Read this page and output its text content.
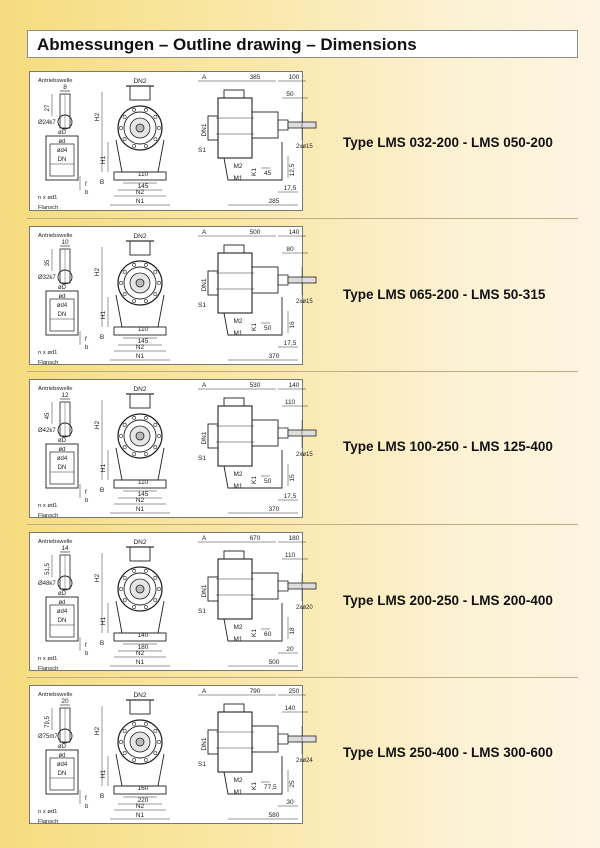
Abmessungen – Outline drawing – Dimensions
Antriebswelle
8
27
Ø24k7
øD
ød
ød4
DN
f
b
n x ød1
Flansch
DN2
H2
H1
B
110
145
N2
N1
A	385	100
DN1
S1
50
2xø15
M2
M1
K1 45	12,5
17,5
285
Type LMS 032-200 - LMS 050-200
Antriebswelle
10
35
Ø32k7
øD
ød
ød4
DN
f
b
n x ød1
Flansch
DN2
H2
H1
B
110
145
N2
N1
A	500	140
DN1
S1
80
2xø15
M2
M1
K1 50	16
17,5
370
Type LMS 065-200 - LMS 50-315
Antriebswelle
12
45
Ø42k7
øD
ød
ød4
DN
f
b
n x ød1
Flansch
DN2
H2
H1
B
110
145
N2
N1
A	530	140
DN1
S1
110
2xø15
M2
M1
K1 50	15
17,5
370
Type LMS 100-250 - LMS 125-400
Antriebswelle
14
51,5
Ø48k7
øD
ød
ød4
DN
f
b
n x ød1
Flansch
DN2
H2
H1
B
140
180
N2
N1
A	670	180
DN1
S1
110
2xø20
M2
M1
K1 60	18
20
500
Type LMS 200-250 - LMS 200-400
Antriebswelle
20
79,5
Ø75m7
øD
ød
ød4
DN
f
b
n x ød1
Flansch
DN2
H2
H1
B
160
220
N2
N1
A	790	250
DN1
S1
140
2xø24
M2
M1
K1 77,5 25
30
580
Type LMS 250-400 - LMS 300-600
